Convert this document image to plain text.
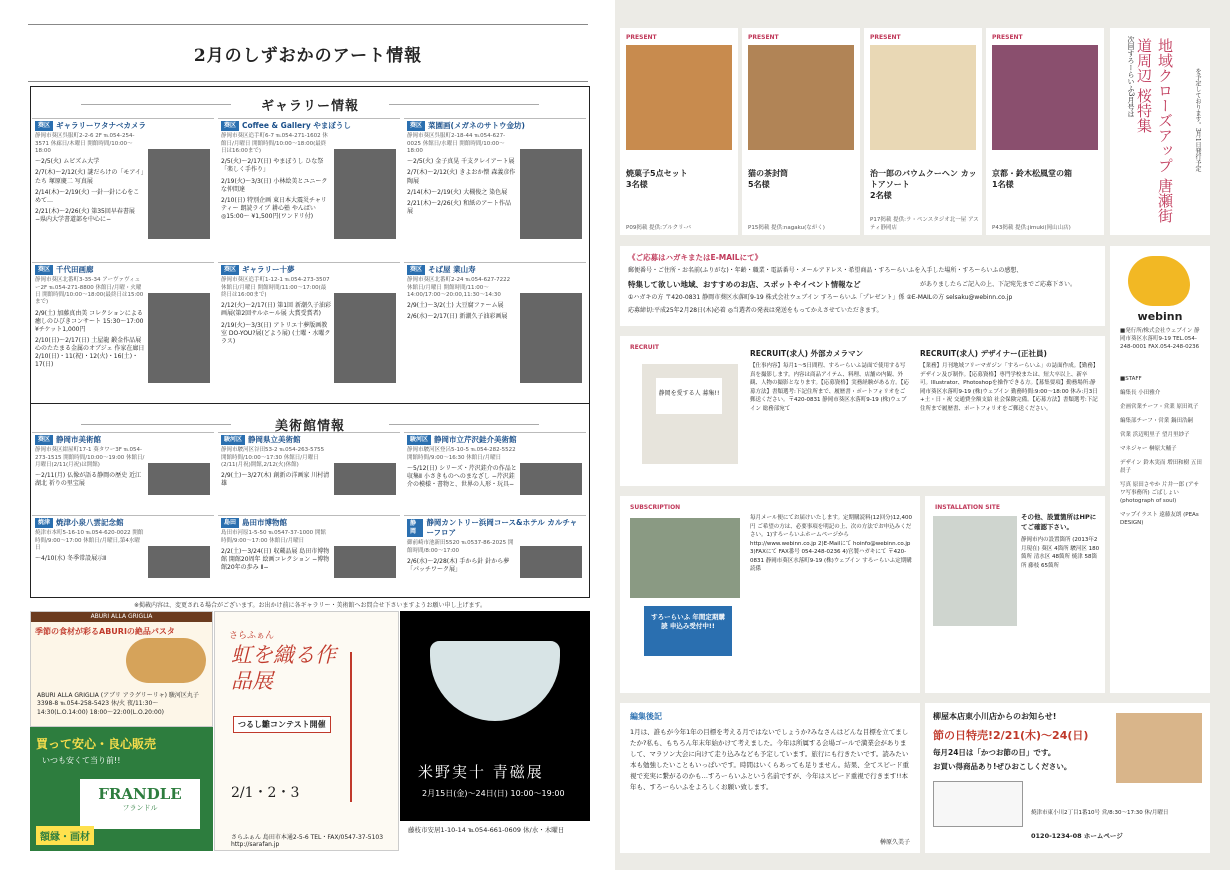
2月のしずおかのアート情報
ギャラリー情報
美術館情報
葵区 ギャラリーワタナベカメラ
静岡市葵区呉服町2-2-6 2F ℡054-254-3571 休廊日/木曜日 開館時間/10:00〜18:00
〜2/5(火) ムビズム大学
2/7(木)〜2/12(火) 謎だらけの「モアイ」たち 塚原慶二 写真展
2/14(木)〜2/19(火) 一針一針に心をこめて…
2/21(木)〜2/26(火) 第35回早春書展 −県内大学書道部を中心に−
葵区 Coffee & Gallery やまぼうし
静岡市葵区追手町6-7 ℡054-271-1602 休館日/月曜日 開館時間/10:00〜18:00(最終日は16:00まで)
2/5(火)〜2/17(日) やまぼうし ひな祭「楽しく手作り」
2/19(火)〜3/3(日) 小林絵美とユニークな仲間達
2/10(日) 特別企画 東日本大震災チャリティー 朗読ライブ 耕心塾 やんばい ◎15:00〜 ¥1,500円(ワンドリ付)
葵区 菜園画(メガネのサトウ金坊)
静岡市葵区呉服町2-18-44 ℡054-627-0025 休館日/水曜日 開館時間/10:00〜18:00
〜2/5(火) 金子真晃 千支クレイアート展
2/7(木)〜2/12(火) きよおか懐 森義彦作陶展
2/14(木)〜2/19(火) 大槻俊之 染色展
2/21(木)〜2/26(火) 和紙のアート作品展
葵区 千代田画廊
静岡市葵区北番町3-35-34 アーヴァヴィュー2F ℡054-271-8800 休館日/月曜・火曜日 開館時間/10:00〜18:00(最終日は15:00まで)
2/9(土) 加藤真由美 コレクションによる 癒しのひびきコンサート 15:30〜17:00 ¥チケット1,000円
2/10(日)〜2/17(日) 土屋龍 鍛金作品展 心のたたまる金属のオブジェ 作家在廊日 2/10(日)・11(祝)・12(火)・16(土)・17(日)
葵区 ギャラリー十夢
静岡市葵区追手町1-12-1 ℡054-273-3507 休館日/月曜日 開館時間/11:00〜17:00(最終日は16:00まで)
2/12(火)〜2/17(日) 第1回 新潮久子油彩画展(第2回サルホール展 大賞受賞者)
2/19(火)〜3/3(日) アトリエ十夢版画教室 DO-YOU?展(どよう展) (土曜・水曜クラス)
葵区 そば屋 業山寿
静岡市葵区北番町2-24 ℡054-627-7222 休館日/月曜日 開館時間/11:00〜14:00/17:00〜20:00,11:30〜14:30
2/9(土)〜3/2(土) 大豆腐ファーム展
2/6(水)〜2/17(日) 新潮久子油彩画展
葵区 静岡市美術館
静岡市葵区紺屋町17-1 葵タワー3F ℡054-273-1515 開館時間/10:00〜19:00 休館日/月曜日(2/11(月祝)は開館)
〜2/11(月) 仏像が語る静岡の歴史 近江湖北 祈りの里宝展
駿河区 静岡県立美術館
静岡市駿河区谷田53-2 ℡054-263-5755 開館時間/10:00〜17:30 休館日/月曜日(2/11(月祝)開館,2/12(火)休館)
2/9(土)〜3/27(木) 創新の洋画家 川村清雄
駿河区 静岡市立芹沢銈介美術館
静岡市駿河区登呂5-10-5 ℡054-282-5522 開館時間/9:00〜16:30 休館日/月曜日
〜5/12(日) シリーズ・芹沢銈介の作品と収集Ⅱ 小さきものへのまなざし −芹沢銈介の模様・書物と、世界の人形・玩具−
焼津 焼津小泉八雲記念館
焼津市本町5-16-10 ℡054-620-0022 開館時間/9:00〜17:00 休館日/月曜日,第4水曜日
〜4/10(水) 冬季常設展示Ⅱ
島田 島田市博物館
島田市河原1-5-50 ℡0547-37-1000 開館時間/9:00〜17:00 休館日/月曜日
2/2(土)〜3/24(日) 収蔵品展 島田市博物館 開館20周年 絵画コレクション −博物館20年の歩み Ⅱ−
静岡
静岡カントリー浜岡コース&ホテル カルチャーフロア
御前崎市池新田5520 ℡0537-86-2025 開館時間/8:00〜17:00
2/6(水)〜2/28(木) 手から針 針から夢「パッチワーク展」
※掲載内容は、変更される場合がございます。お出かけ前に各ギャラリー・美術館へお問合せ下さいますようお願い申し上げます。
ABURI ALLA GRIGLIA
季節の食材が彩るABURIの絶品パスタ
ABURI ALLA GRIGLIA (アブリ アラグリーリャ) 駿河区丸子3398-8 ℡054-258-5423 休/火 夜/11:30〜14:30(L.O.14:00) 18:00〜22:00(L.O.20:00)
買って安心・良心販売
いつも安くて当り前!!
FRANDLE
フランドル
額縁・画材
さらふぁん
虹を織る作品展
つるし雛コンテスト開催
2/1・2・3
さらふぁん 島田市本通2-5-6 TEL・FAX/0547-37-5103 http://sarafan.jp
米野実十 青磁展
2月15日(金)〜24日(日) 10:00〜19:00
藤枝市安居1-10-14 ℡054-661-0609 休/水・木曜日
PRESENT
焼菓子5点セット
3名様
P09掲載 提供:ブルクリ-バ
PRESENT
猫の茶封筒
5名様
P15掲載 提供:nagaku(ながく)
PRESENT
治一郎のバウムクーヘン カットアソート
2名様
P17掲載 提供:ラ・ペンスタジオ北一屋 アスティ静岡店
PRESENT
京都・鈴木松風堂の箱
1名様
P43掲載 提供:jimuki(岡山山店)
次回すろーらいふ3月号は	地域クローズアップ 唐瀬街道周辺 桜特集	を予定しております。3月1日発行予定
《ご応募はハガキまたはE-MAILにて》
郵便番号・ご住所・お名前(ふりがな)・年齢・職業・電話番号・メールアドレス・希望商品・すろーらいふを入手した場所・すろーらいふの感想、
特集して欲しい地域、おすすめのお店、スポットやイベント情報など	がありましたらご記入の上、下記宛先までご応募下さい。
①ハガキの方 〒420-0831 静岡市葵区水落町9-19 株式会社ウェブイン すろーらいふ「プレゼント」係 ②E-MAILの方 selsaku@webinn.co.jp
応募締切:平成25年2月28日(木)必着 ◎当選者の発表は発送をもってかえさせていただきます。	webinn
■発行所/株式会社ウェブイン 静岡市葵区水落町9-19 TEL.054-248-0001 FAX.054-248-0236
■STAFF
編集長 小田雅介
企画営業チーフ・営業 原田眞子
編集部チーフ・営業 鍋田浩嗣
営業 浜辺明里子 望月里紗子
マネジャー 榊原大輔子
デザイン 鈴木実而 増田和樹 五田晨子
写真 原田さやか 片井一郎 (アサワ写事務所) ごばしょい (photograph of soul)
マップイラスト 遠藤友朗 (PEAs DESIGN)
RECRUIT
静岡を愛する人 募集!!
RECRUIT(求人) 外部カメラマン
【仕事内容】毎月1〜5日間程、すろーらいふ誌面で使用する写真を撮影します。内容は商品アイテム、料理、店舗の内観、外観、人物の撮影となります。【応募資格】実務経験がある方。【応募方法】書類選考:下記住所まで、履歴書・ポートフォリオをご郵送ください。〒420-0831 静岡市葵区水落町9-19 (株)ウェブイン 総務部宛て
RECRUIT(求人) デザイナー(正社員)
【業務】月刊地域フリーマガジン「すろーらいふ」の誌面作成。【勤務】デザイン及び制作。【応募資格】専門学校または、短大卒以上、新卒可。Illustrator、Photoshopを操作できる方。【募集要項】勤務場所:静岡市葵区水落町9-19 (株)ウェブイン 勤務時間:9:00〜18:00 休み:月3日+土・日・祝 交通費全額支給 社会保険完備。【応募方法】書類選考:下記住所まで履歴書、ポートフォリオをご郵送ください。
SUBSCRIPTION
すろーらいふ 年間定期購読 申込み受付中!!
毎月メール便にてお届けいたします。定期購読料(12回分)12,400円 ご希望の方は、必要事項を明記の上、次の方法でお申込みください。1)すろーらいふホームページから http://www.webinn.co.jp 2)E-Mailにて hoinfo@webinn.co.jp 3)FAXにて FAX番号 054-248-0236 4)官製ハガキにて 〒420-0831 静岡市葵区水落町9-19 (株)ウェブイン すろーらいふ定期購読係
INSTALLATION SITE
その他、設置箇所はHPにてご確認下さい。
静岡市内の設置箇所 (2013年2月現在) 葵区 4箇所 駿河区 180箇所 清水区 48箇所 焼津 58箇所 藤枝 65箇所
編集後記
1月は、誰もが今年1年の目標を考える月ではないでしょうか?みなさんはどんな目標を立てましたか?私も、もちろん年末年始かけて考えました。今年は所属する会場ゴールで満業会がありまして、マラソン大会に向けて走り込みなども予定しています。旅行にも行きたいです。読みたい本も勉強したいこともいっぱいです。時間はいくらあっても足りません。結果、全てスピード重視で充実に繋がるのかも…すろーらいふという名前ですが、今年はスピード重視で行きます!!本年も、すろーらいふをよろしくお願い致します。
榊原久美子
柳屋本店東小川店からのお知らせ!
節の日特売!2/21(木)〜24(日)
毎月24日は「かつお節の日」です。
お買い得商品あり!ぜひおこしください。
焼津市東小川2丁目1番10号 営/8:30〜17:30 休/月曜日
0120-1234-08 ホームページ
